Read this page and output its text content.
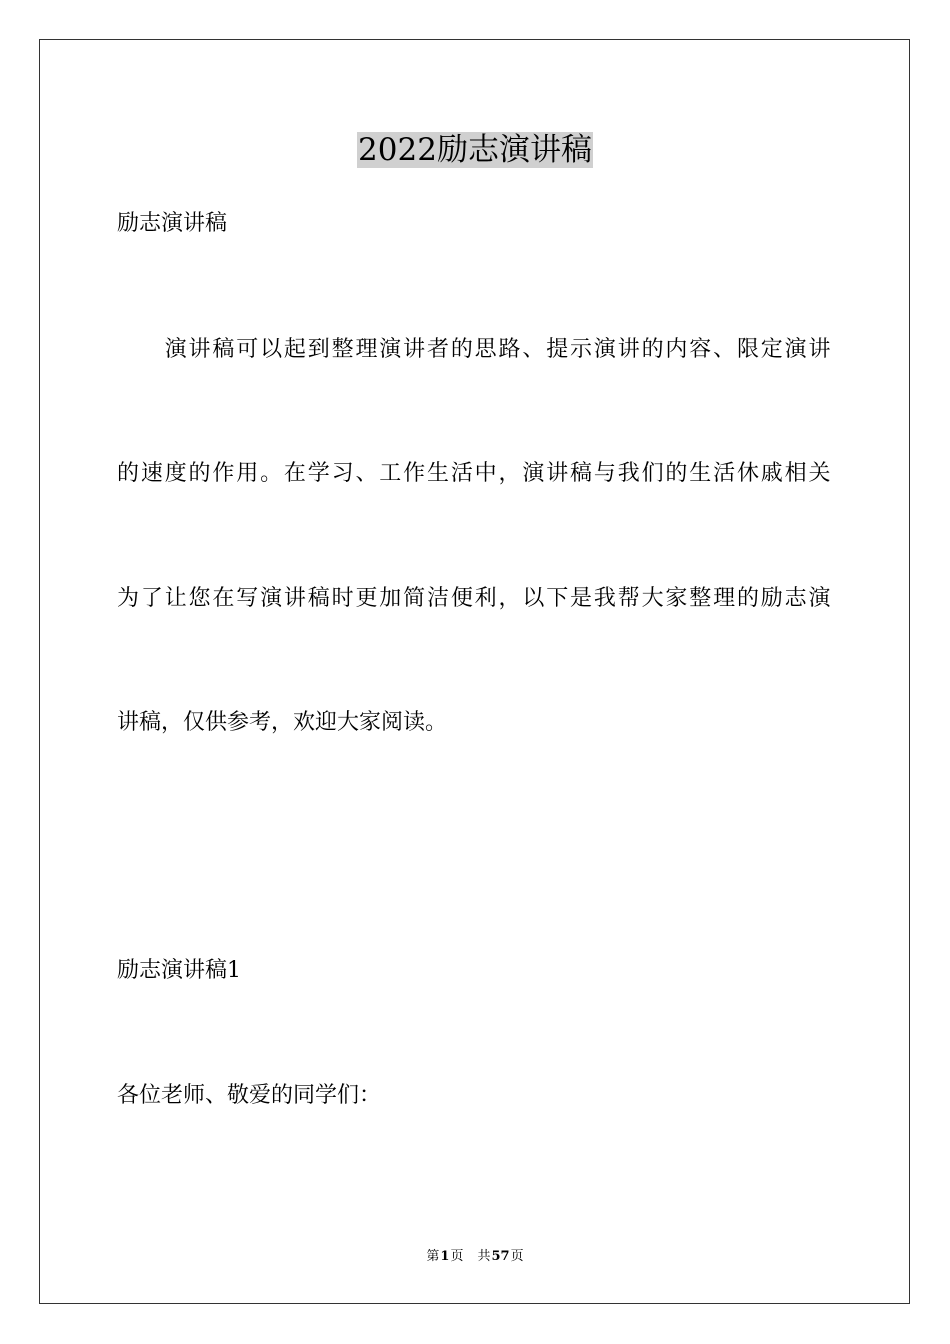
2022励志演讲稿
励志演讲稿
　　演讲稿可以起到整理演讲者的思路、提示演讲的内容、限定演讲
的速度的作用。在学习、工作生活中，演讲稿与我们的生活休戚相关
为了让您在写演讲稿时更加简洁便利，以下是我帮大家整理的励志演
讲稿，仅供参考，欢迎大家阅读。
励志演讲稿1
各位老师、敬爱的同学们：
第1页 共57页
